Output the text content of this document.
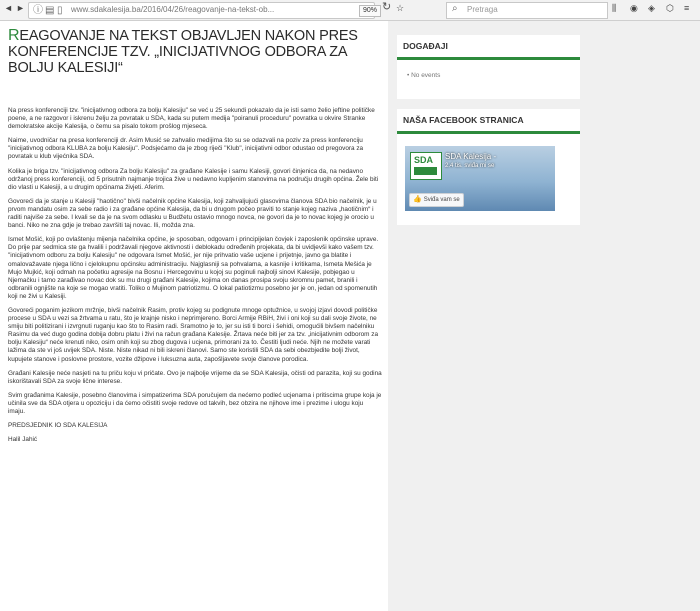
◄ ► ⓘ ▤ ▯ www.sdakalesija.ba/2016/04/26/reagovanje-na-tekst-ob...	90% ↻ ☆	⌕ Pretraga	⫼ ◉ ◈ ⬡ ≡
REAGOVANJE NA TEKST OBJAVLJEN NAKON PRES KONFERENCIJE TZV. „INICIJATIVNOG ODBORA ZA BOLJU KALESIJI“

Na press konferenciji tzv. "inicijativnog odbora za bolju Kalesiju" se već u 25 sekundi pokazalo da je isti samo želio jeftine političke poene, a ne razgovor i iskrenu želju za povratak u SDA, kada su putem medija "poiranuli proceduru" povratka u okvire Stranke demokratske akcije Kalesija, o čemu sa pisalo tokom prošlog mjeseca.

Naime, uvodničar na presa konferenciji dr. Asim Musić se zahvalio medijima što su se odazvali na poziv za press konferenciju "inicijativnog odbora KLUBA za bolju Kalesiju". Podsjećamo da je zbog riječi "Klub", inicijativni odbor odustao od pregovora za povratak u klub vijećnika SDA.

Kolika je briga tzv. "inicijativnog odbora Za bolju Kalesiju" za građane Kalesije i samu Kalesiji, govori činjenica da, na nedavno održanoj press konferenciji, od 5 prisutnih najmanje trojica žive u nedavno kupljenim stanovima na području drugih općina. Žele biti dio vlasti u Kalesiji, a u drugim općinama živjeti. Aferim.

Govoreći da je stanje u Kalesiji "haotično" bivši načelnik općine Kalesija, koji zahvaljujući glasovima članova SDA bio načelnik, je u prvom mandatu osim za sebe radio i za građane općine Kalesija, da bi u drugom počeo praviti to stanje kojeg naziva „haotičnim“ i raditi najviše za sebe. I kvali se da je na svom odlasku u Budžetu ostavio mnogo novca, ne govori da je to novac kojeg je orocio u banci. Niko ne zna gdje je trebao završiti taj novac. Ili, možda zna.

Ismet Mošić, koji po ovlaštenju mijenja načelnika općine, je sposoban, odgovarn i principijelan čovjek i zaposlenik općinske uprave. Do prije par sedmica ste ga hvalili i podržavali njegove aktivnosti i deblokadu određenih projekata, da bi uvidjevši kako vašem tzv. "inicijativnom odboru za bolju Kalesiju" ne odgovara Ismet Mošić, jer nije prihvatio vaše ucjene i prijetnje, javno ga blatite i omalovažavate njega lično i cjelokupnu općinsku administraciju. Najglasniji sa pohvalama, a kasnije i kritikama, Ismeta Mešića je Mujo Mujkić, koji odmah na početku agresije na Bosnu i Hercegovinu u kojoj su poginuli najbolji sinovi Kalesije, pobjegao u Njemačku i tamo zarađivao novac dok su mu drugi građani Kalesije, kojima on danas prosipa svoju skromnu pamet, branili i odbranili ognjište na koje se mogao vratiti. Toliko o Mujinom patriotizmu. O lokal patiotizmu posebno jer je on, jedan od spomenutih koji ne živi u Kalesiji.

Govoreći poganim jezikom mržnje, bivši načelnik Rasim, protiv kojeg su podignute mnoge optužnice, u svojoj izjavi dovodi političke procese u SDA u vezi sa žrtvama u ratu, što je krajnje nisko i neprimjereno. Borci Armije RBiH, živi i oni koji su dali svoje živote, ne smiju biti politizirani i izvrgnuti ruganju kao što to Rasim radi. Sramotno je to, jer su isti ti borci i šehidi, omogućili bivšem načelniku Rasimu da već dugo godina dobija dobru platu i živi na račun građana Kalesije. Žrtava neće biti jer za tzv. „inicijativnim odborom za bolju Kalesiju“ neće krenuti niko, osim onih koji su zbog dugova i ucjena, primorani za to. Čestiti ljudi neće. Njih ne možete varati lažima da ste vi još uvijek SDA. Niste. Niste nikad ni bili iskreni članovi. Samo ste koristili SDA da sebi obezbjedite bolji život, kupujete stanove i poslovne prostore, vozite džipove i luksuzna auta, zapošljavete svoje članove porodica.

Građani Kalesije neće nasjeti na tu priču koju vi pričate. Ovo je najbolje vrijeme da se SDA Kalesija, očisti od parazita, koji su godina iskorištavali SDA za svoje lične interese.

Svim građanima Kalesije, posebno članovima i simpatizerima SDA poručujem da nećemo podleć ucjenama i pritiscima grupe koja je učinila sve da SDA otjera u opoziciju i da ćemo očistiti svoje redove od takvih, bez obzira ne njihove ime i prezime i ulogu koju imaju.

PREDSJEDNIK IO SDA KALESIJA

Halil Jahić

DOGAĐAJI
• No events
NAŠA FACEBOOK STRANICA
SDA SDA Kalesija -
2.4 tis. sviđa mi se
👍 Sviđa vam se
